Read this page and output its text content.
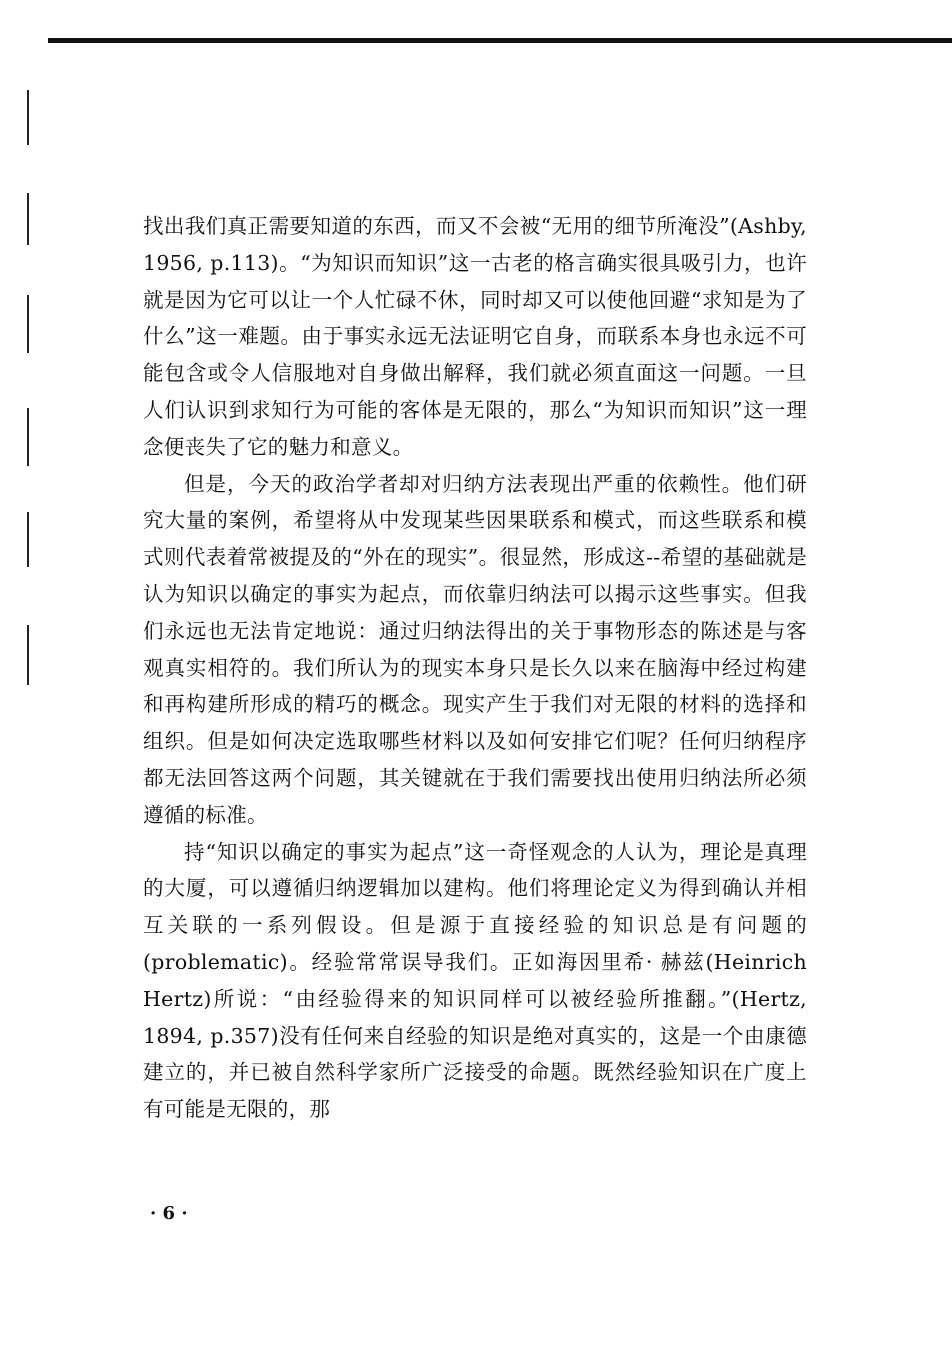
找出我们真正需要知道的东西，而又不会被“无用的细节所淹没”(Ashby, 1956, p.113)。“为知识而知识”这一古老的格言确实很具吸引力，也许就是因为它可以让一个人忙碌不休，同时却又可以使他回避“求知是为了什么”这一难题。由于事实永远无法证明它自身，而联系本身也永远不可能包含或令人信服地对自身做出解释，我们就必须直面这一问题。一旦人们认识到求知行为可能的客体是无限的，那么“为知识而知识”这一理念便丧失了它的魅力和意义。

但是，今天的政治学者却对归纳方法表现出严重的依赖性。他们研究大量的案例，希望将从中发现某些因果联系和模式，而这些联系和模式则代表着常被提及的“外在的现实”。很显然，形成这--希望的基础就是认为知识以确定的事实为起点，而依靠归纳法可以揭示这些事实。但我们永远也无法肯定地说：通过归纳法得出的关于事物形态的陈述是与客观真实相符的。我们所认为的现实本身只是长久以来在脑海中经过构建和再构建所形成的精巧的概念。现实产生于我们对无限的材料的选择和组织。但是如何决定选取哪些材料以及如何安排它们呢？任何归纳程序都无法回答这两个问题，其关键就在于我们需要找出使用归纳法所必须遵循的标准。

持“知识以确定的事实为起点”这一奇怪观念的人认为，理论是真理的大厦，可以遵循归纳逻辑加以建构。他们将理论定义为得到确认并相互关联的一系列假设。但是源于直接经验的知识总是有问题的(problematic)。经验常常误导我们。正如海因里希· 赫兹(Heinrich Hertz)所说：“由经验得来的知识同样可以被经验所推翻。”(Hertz, 1894, p.357)没有任何来自经验的知识是绝对真实的，这是一个由康德建立的，并已被自然科学家所广泛接受的命题。既然经验知识在广度上有可能是无限的，那

· 6 ·
